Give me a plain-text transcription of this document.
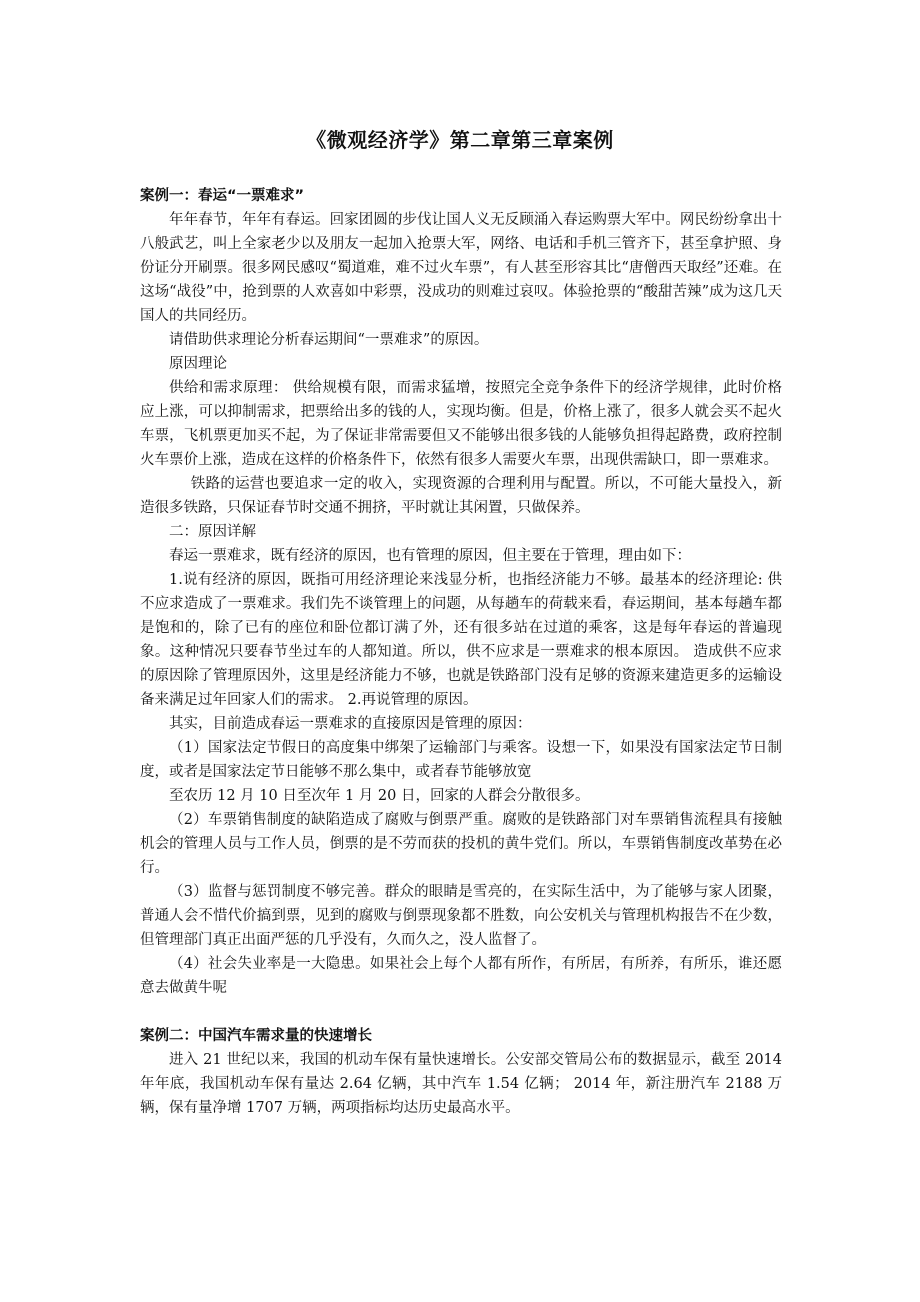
《微观经济学》第二章第三章案例
案例一：春运“一票难求”

年年春节，年年有春运。回家团圆的步伐让国人义无反顾涌入春运购票大军中。网民纷纷拿出十八般武艺，叫上全家老少以及朋友一起加入抢票大军，网络、电话和手机三管齐下，甚至拿护照、身份证分开刷票。很多网民感叹“蜀道难，难不过火车票”，有人甚至形容其比“唐僧西天取经”还难。在这场“战役”中，抢到票的人欢喜如中彩票，没成功的则难过哀叹。体验抢票的“酸甜苦辣”成为这几天国人的共同经历。

请借助供求理论分析春运期间“一票难求”的原因。

原因理论

供给和需求原理： 供给规模有限，而需求猛增，按照完全竞争条件下的经济学规律，此时价格应上涨，可以抑制需求，把票给出多的钱的人，实现均衡。但是，价格上涨了，很多人就会买不起火车票，飞机票更加买不起，为了保证非常需要但又不能够出很多钱的人能够负担得起路费，政府控制火车票价上涨，造成在这样的价格条件下，依然有很多人需要火车票，出现供需缺口，即一票难求。

铁路的运营也要追求一定的收入，实现资源的合理利用与配置。所以，不可能大量投入，新造很多铁路，只保证春节时交通不拥挤，平时就让其闲置，只做保养。

二：原因详解

春运一票难求，既有经济的原因，也有管理的原因，但主要在于管理，理由如下：

1.说有经济的原因，既指可用经济理论来浅显分析，也指经济能力不够。最基本的经济理论: 供不应求造成了一票难求。我们先不谈管理上的问题，从每趟车的荷载来看，春运期间，基本每趟车都是饱和的，除了已有的座位和卧位都订满了外，还有很多站在过道的乘客，这是每年春运的普遍现象。这种情况只要春节坐过车的人都知道。所以，供不应求是一票难求的根本原因。 造成供不应求的原因除了管理原因外，这里是经济能力不够，也就是铁路部门没有足够的资源来建造更多的运输设备来满足过年回家人们的需求。 2.再说管理的原因。

其实，目前造成春运一票难求的直接原因是管理的原因：

（1）国家法定节假日的高度集中绑架了运输部门与乘客。设想一下，如果没有国家法定节日制度，或者是国家法定节日能够不那么集中，或者春节能够放宽

至农历 12 月 10 日至次年 1 月 20 日，回家的人群会分散很多。

（2）车票销售制度的缺陷造成了腐败与倒票严重。腐败的是铁路部门对车票销售流程具有接触机会的管理人员与工作人员，倒票的是不劳而获的投机的黄牛党们。所以，车票销售制度改革势在必行。

（3）监督与惩罚制度不够完善。群众的眼睛是雪亮的，在实际生活中，为了能够与家人团聚，普通人会不惜代价搞到票，见到的腐败与倒票现象都不胜数，向公安机关与管理机构报告不在少数，但管理部门真正出面严惩的几乎没有，久而久之，没人监督了。

（4）社会失业率是一大隐患。如果社会上每个人都有所作，有所居，有所养，有所乐，谁还愿意去做黄牛呢

案例二：中国汽车需求量的快速增长

进入 21 世纪以来，我国的机动车保有量快速增长。公安部交管局公布的数据显示，截至 2014 年年底，我国机动车保有量达 2.64 亿辆，其中汽车 1.54 亿辆； 2014 年，新注册汽车 2188 万辆，保有量净增 1707 万辆，两项指标均达历史最高水平。
